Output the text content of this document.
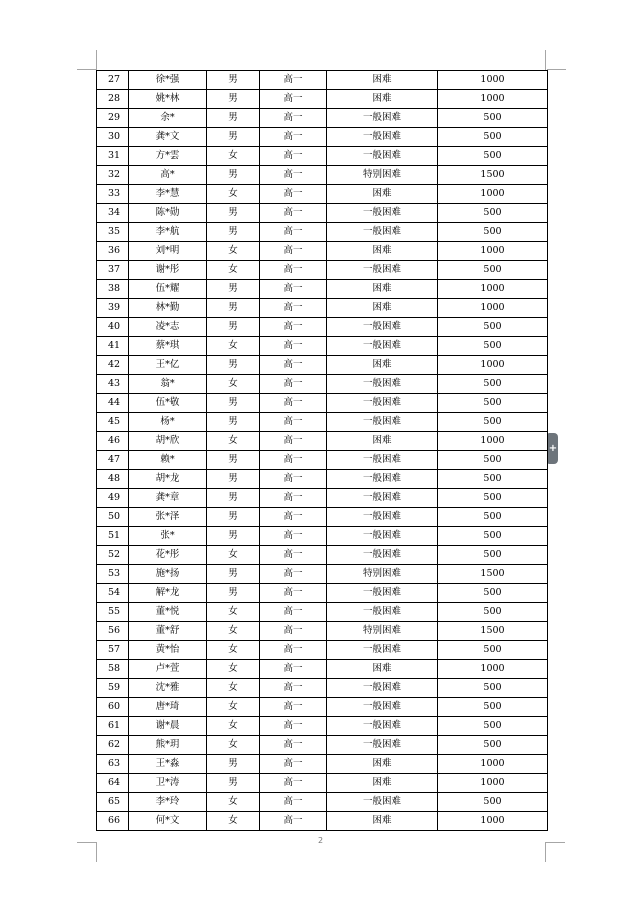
27	徐*强	男	高一	困难	1000
28	姚*林	男	高一	困难	1000
29	余*	男	高一	一般困难	500
30	龚*文	男	高一	一般困难	500
31	方*雲	女	高一	一般困难	500
32	高*	男	高一	特别困难	1500
33	李*慧	女	高一	困难	1000
34	陈*勋	男	高一	一般困难	500
35	李*航	男	高一	一般困难	500
36	刘*明	女	高一	困难	1000
37	谢*彤	女	高一	一般困难	500
38	伍*耀	男	高一	困难	1000
39	林*勤	男	高一	困难	1000
40	凌*志	男	高一	一般困难	500
41	蔡*琪	女	高一	一般困难	500
42	王*亿	男	高一	困难	1000
43	翁*	女	高一	一般困难	500
44	伍*敬	男	高一	一般困难	500
45	杨*	男	高一	一般困难	500
46	胡*欣	女	高一	困难	1000
47	赖*	男	高一	一般困难	500
48	胡*龙	男	高一	一般困难	500
49	龚*章	男	高一	一般困难	500
50	张*泽	男	高一	一般困难	500
51	张*	男	高一	一般困难	500
52	花*彤	女	高一	一般困难	500
53	施*扬	男	高一	特别困难	1500
54	解*龙	男	高一	一般困难	500
55	董*悦	女	高一	一般困难	500
56	董*舒	女	高一	特别困难	1500
57	黄*怡	女	高一	一般困难	500
58	卢*萱	女	高一	困难	1000
59	沈*雅	女	高一	一般困难	500
60	唐*琦	女	高一	一般困难	500
61	谢*晨	女	高一	一般困难	500
62	熊*玥	女	高一	一般困难	500
63	王*淼	男	高一	困难	1000
64	卫*涛	男	高一	困难	1000
65	李*玲	女	高一	一般困难	500
66	何*文	女	高一	困难	1000
2
+
